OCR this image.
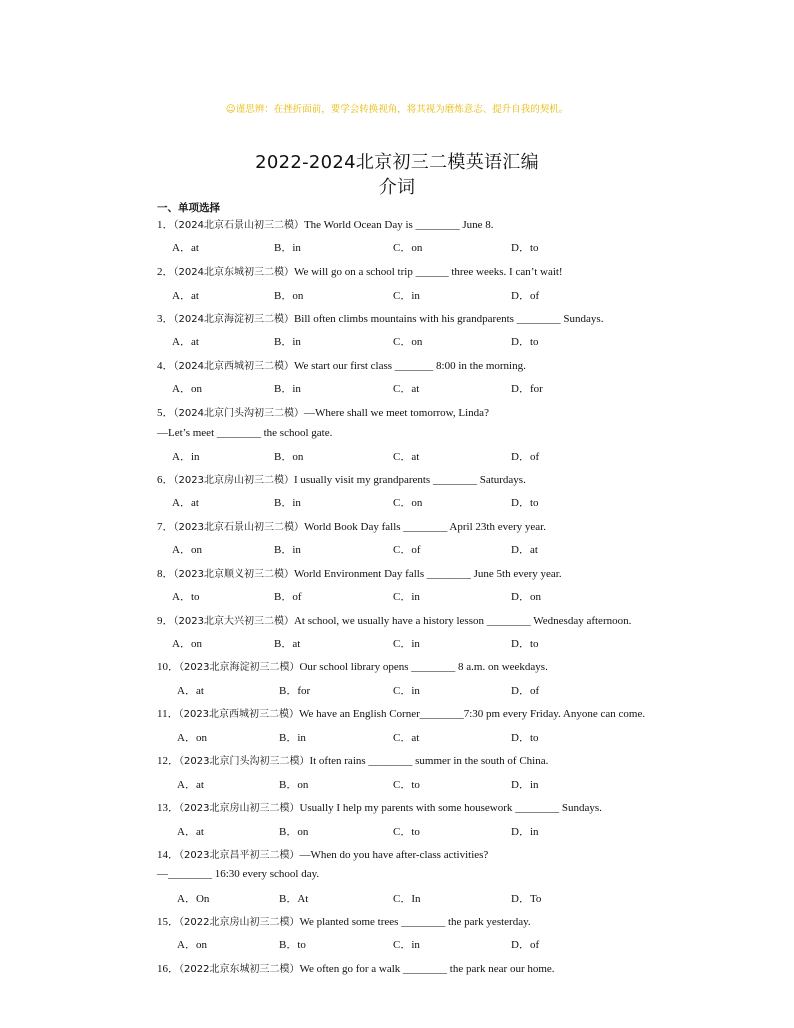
☺谨思辨：在挫折面前，要学会转换视角，将其视为磨炼意志、提升自我的契机。
2022-2024北京初三二模英语汇编
介词
一、单项选择
1．（2024北京石景山初三二模）The World Ocean Day is ________ June 8.
A．at	B．in	C．on	D．to
2．（2024北京东城初三二模）We will go on a school trip ______ three weeks. I can’t wait!
A．at	B．on	C．in	D．of
3．（2024北京海淀初三二模）Bill often climbs mountains with his grandparents ________ Sundays.
A．at	B．in	C．on	D．to
4．（2024北京西城初三二模）We start our first class _______ 8:00 in the morning.
A．on	B．in	C．at	D．for
5．（2024北京门头沟初三二模）—Where shall we meet tomorrow, Linda?
—Let’s meet ________ the school gate.
A．in	B．on	C．at	D．of
6．（2023北京房山初三二模）I usually visit my grandparents ________ Saturdays.
A．at	B．in	C．on	D．to
7．（2023北京石景山初三二模）World Book Day falls ________ April 23th every year.
A．on	B．in	C．of	D．at
8．（2023北京顺义初三二模）World Environment Day falls ________ June 5th every year.
A．to	B．of	C．in	D．on
9．（2023北京大兴初三二模）At school, we usually have a history lesson ________ Wednesday afternoon.
A．on	B．at	C．in	D．to
10．（2023北京海淀初三二模）Our school library opens ________ 8 a.m. on weekdays.
A．at	B．for	C．in	D．of
11．（2023北京西城初三二模）We have an English Corner________7:30 pm every Friday. Anyone can come.
A．on	B．in	C．at	D．to
12．（2023北京门头沟初三二模）It often rains ________ summer in the south of China.
A．at	B．on	C．to	D．in
13．（2023北京房山初三二模）Usually I help my parents with some housework ________ Sundays.
A．at	B．on	C．to	D．in
14．（2023北京昌平初三二模）—When do you have after-class activities?
—________ 16:30 every school day.
A．On	B．At	C．In	D．To
15．（2022北京房山初三二模）We planted some trees ________ the park yesterday.
A．on	B．to	C．in	D．of
16．（2022北京东城初三二模）We often go for a walk ________ the park near our home.
